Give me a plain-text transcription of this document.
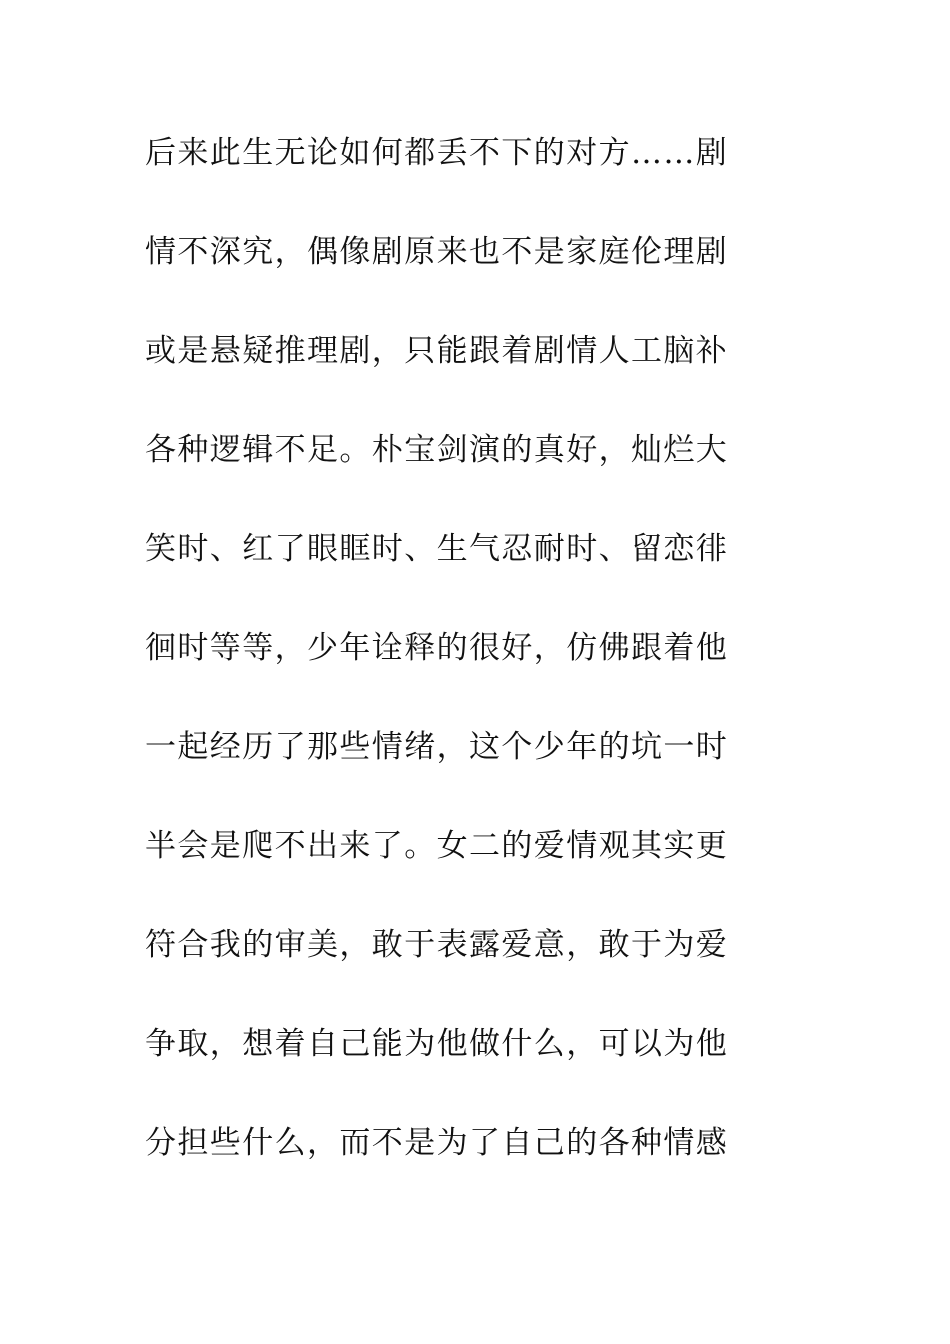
后来此生无论如何都丢不下的对方……剧
情不深究，偶像剧原来也不是家庭伦理剧
或是悬疑推理剧，只能跟着剧情人工脑补
各种逻辑不足。朴宝剑演的真好，灿烂大
笑时、红了眼眶时、生气忍耐时、留恋徘
徊时等等，少年诠释的很好，仿佛跟着他
一起经历了那些情绪，这个少年的坑一时
半会是爬不出来了。女二的爱情观其实更
符合我的审美，敢于表露爱意，敢于为爱
争取，想着自己能为他做什么，可以为他
分担些什么，而不是为了自己的各种情感
